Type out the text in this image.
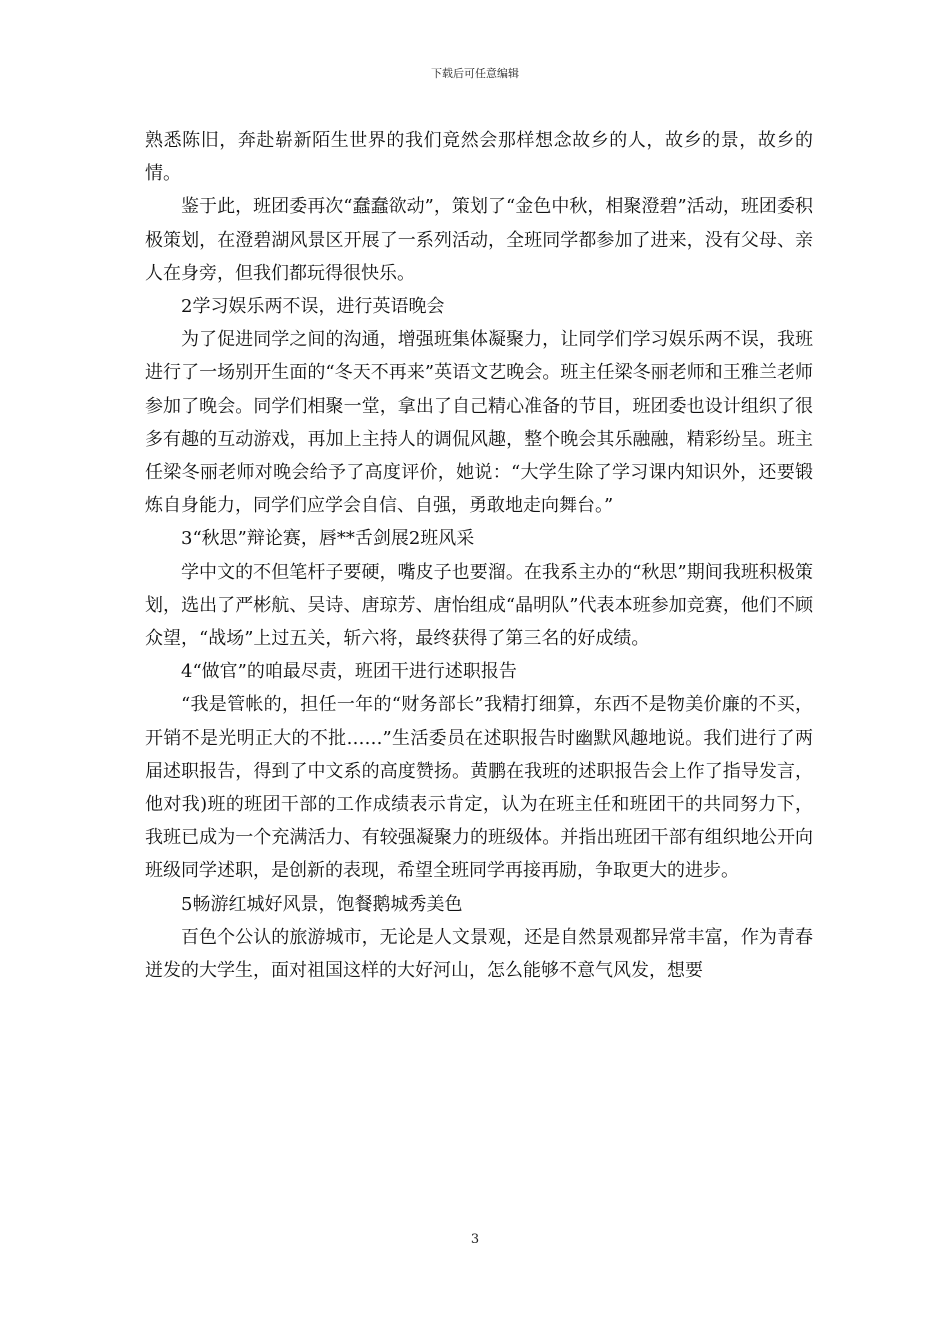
下载后可任意编辑

熟悉陈旧，奔赴崭新陌生世界的我们竟然会那样想念故乡的人，故乡的景，故乡的情。

鉴于此，班团委再次“蠢蠢欲动”，策划了“金色中秋，相聚澄碧”活动，班团委积极策划，在澄碧湖风景区开展了一系列活动，全班同学都参加了进来，没有父母、亲人在身旁，但我们都玩得很快乐。

2学习娱乐两不误，进行英语晚会

为了促进同学之间的沟通，增强班集体凝聚力，让同学们学习娱乐两不误，我班进行了一场别开生面的“冬天不再来”英语文艺晚会。班主任梁冬丽老师和王雅兰老师参加了晚会。同学们相聚一堂，拿出了自己精心准备的节目，班团委也设计组织了很多有趣的互动游戏，再加上主持人的调侃风趣，整个晚会其乐融融，精彩纷呈。班主任梁冬丽老师对晚会给予了高度评价，她说：“大学生除了学习课内知识外，还要锻炼自身能力，同学们应学会自信、自强，勇敢地走向舞台。”

3“秋思”辩论赛，唇**舌剑展2班风采

学中文的不但笔杆子要硬，嘴皮子也要溜。在我系主办的“秋思”期间我班积极策划，选出了严彬航、吴诗、唐琼芳、唐怡组成“晶明队”代表本班参加竞赛，他们不顾众望，“战场”上过五关，斩六将，最终获得了第三名的好成绩。

4“做官”的咱最尽责，班团干进行述职报告

“我是管帐的，担任一年的“财务部长”我精打细算，东西不是物美价廉的不买，开销不是光明正大的不批……”生活委员在述职报告时幽默风趣地说。我们进行了两届述职报告，得到了中文系的高度赞扬。黄鹏在我班的述职报告会上作了指导发言，他对我)班的班团干部的工作成绩表示肯定，认为在班主任和班团干的共同努力下，我班已成为一个充满活力、有较强凝聚力的班级体。并指出班团干部有组织地公开向班级同学述职，是创新的表现，希望全班同学再接再励，争取更大的进步。

5畅游红城好风景，饱餐鹅城秀美色

百色个公认的旅游城市，无论是人文景观，还是自然景观都异常丰富，作为青春迸发的大学生，面对祖国这样的大好河山，怎么能够不意气风发，想要

3
